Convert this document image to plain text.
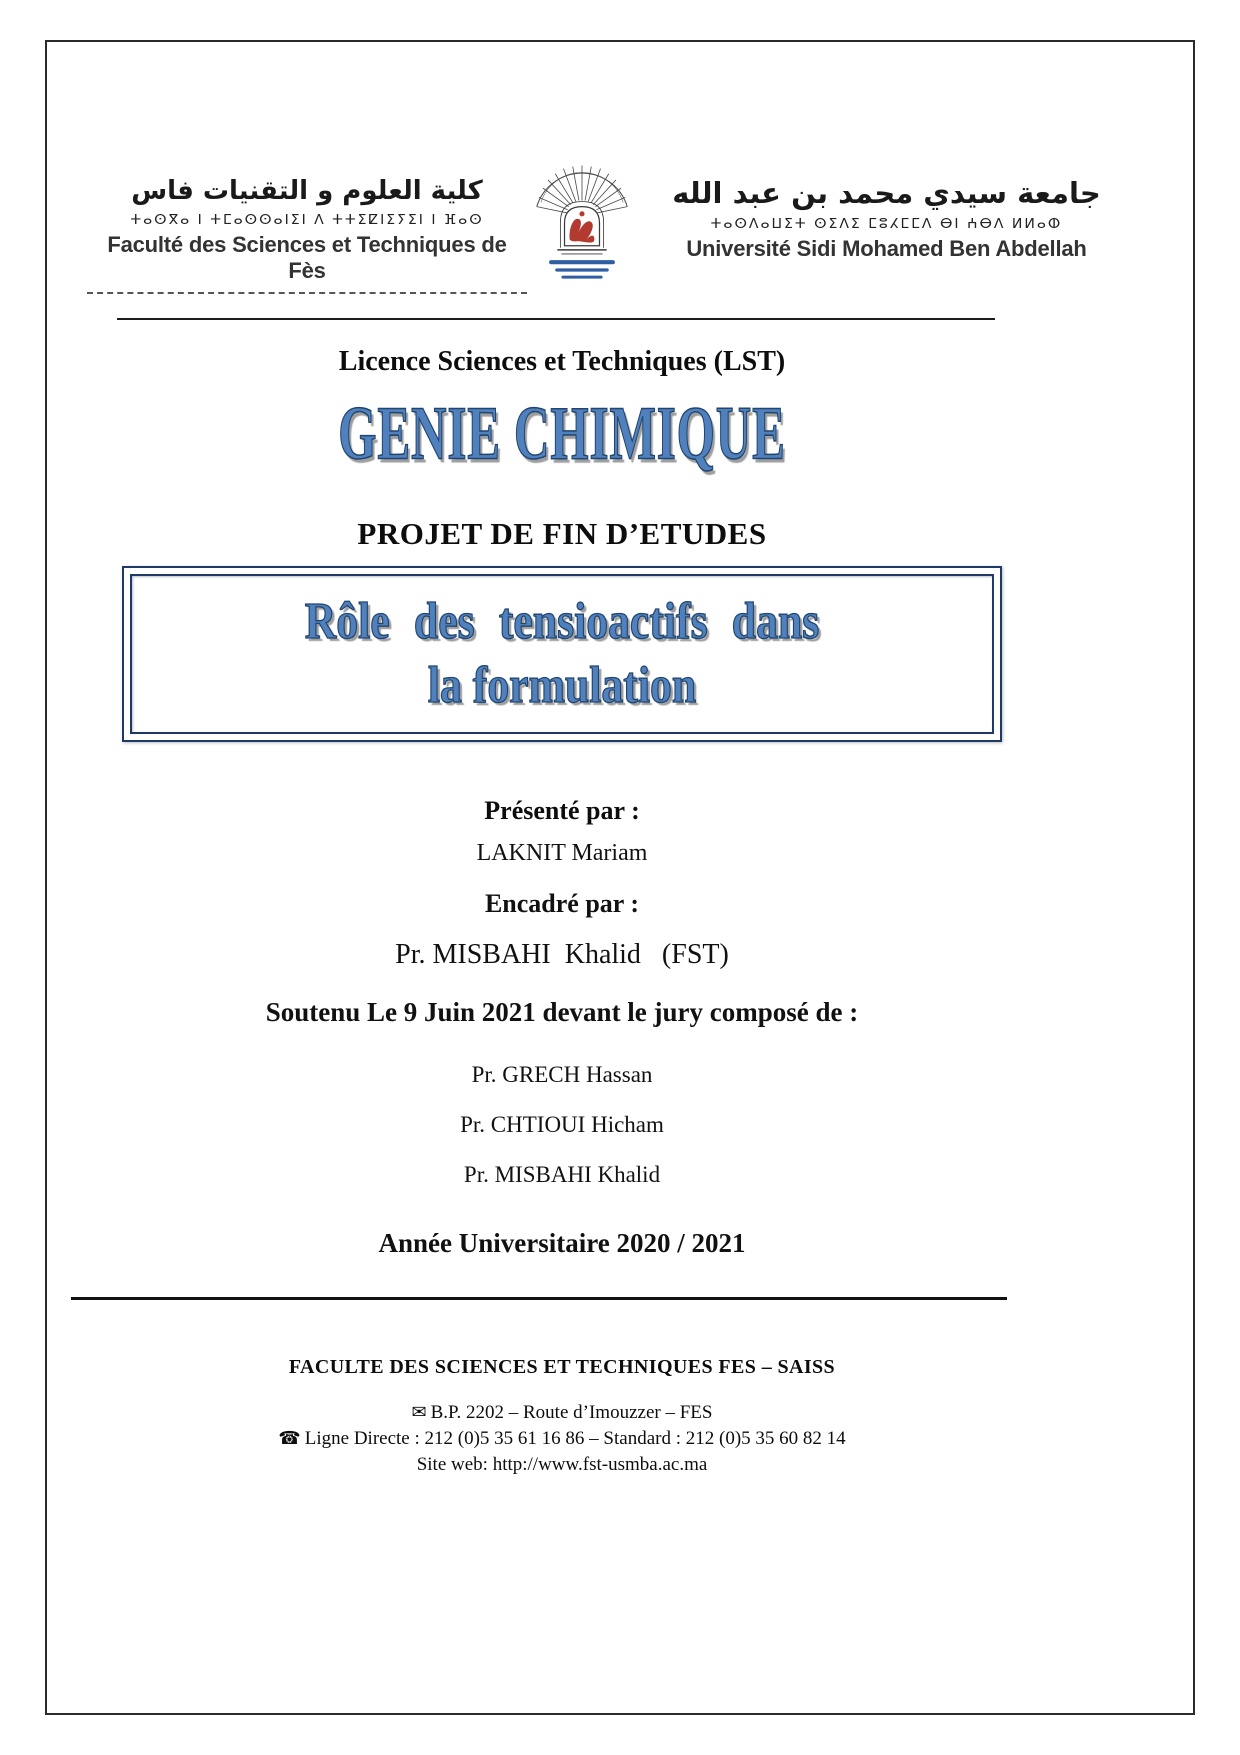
كلية العلوم و التقنيات فاس
ⵜⴰⵙⴳⴰ ⵏ ⵜⵎⴰⵙⵙⴰⵏⵉⵏ ⴷ ⵜⵜⵉⵇⵏⵉⵢⵉⵏ ⵏ ⴼⴰⵙ
Faculté des Sciences et Techniques de Fès
جامعة سيدي محمد بن عبد الله
ⵜⴰⵙⴷⴰⵡⵉⵜ ⵙⵉⴷⵉ ⵎⵓⵃⵎⵎⴷ ⴱⵏ ⵄⴱⴷ ⵍⵍⴰⵀ
Université Sidi Mohamed Ben Abdellah
Licence Sciences et Techniques (LST)
GENIE CHIMIQUE
PROJET DE FIN D’ETUDES
Rôle des tensioactifs dans
la formulation
Présenté par :
LAKNIT Mariam
Encadré par :
Pr. MISBAHI  Khalid   (FST)
Soutenu Le 9 Juin 2021 devant le jury composé de :
Pr. GRECH Hassan
Pr. CHTIOUI Hicham
Pr. MISBAHI Khalid
Année Universitaire 2020 / 2021
FACULTE DES SCIENCES ET TECHNIQUES FES – SAISS
✉ B.P. 2202 – Route d’Imouzzer – FES
☎ Ligne Directe : 212 (0)5 35 61 16 86 – Standard : 212 (0)5 35 60 82 14
Site web: http://www.fst-usmba.ac.ma
